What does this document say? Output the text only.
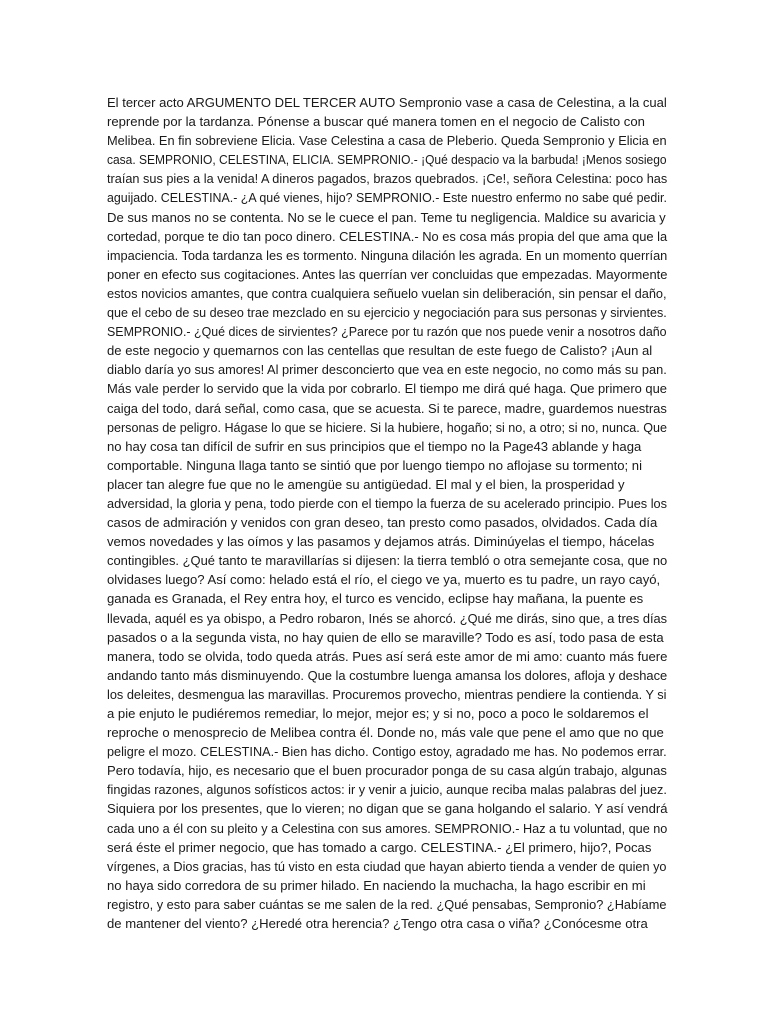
El tercer acto ARGUMENTO DEL TERCER AUTO Sempronio vase a casa de Celestina, a la cual
reprende por la tardanza. Pónense a buscar qué manera tomen en el negocio de Calisto con
Melibea. En fin sobreviene Elicia. Vase Celestina a casa de Pleberio. Queda Sempronio y Elicia en
casa. SEMPRONIO, CELESTINA, ELICIA. SEMPRONIO.- ¡Qué despacio va la barbuda! ¡Menos sosiego
traían sus pies a la venida! A dineros pagados, brazos quebrados. ¡Ce!, señora Celestina: poco has
aguijado. CELESTINA.- ¿A qué vienes, hijo? SEMPRONIO.- Este nuestro enfermo no sabe qué pedir.
De sus manos no se contenta. No se le cuece el pan. Teme tu negligencia. Maldice su avaricia y
cortedad, porque te dio tan poco dinero. CELESTINA.- No es cosa más propia del que ama que la
impaciencia. Toda tardanza les es tormento. Ninguna dilación les agrada. En un momento querrían
poner en efecto sus cogitaciones. Antes las querrían ver concluidas que empezadas. Mayormente
estos novicios amantes, que contra cualquiera señuelo vuelan sin deliberación, sin pensar el daño,
que el cebo de su deseo trae mezclado en su ejercicio y negociación para sus personas y sirvientes.
SEMPRONIO.- ¿Qué dices de sirvientes? ¿Parece por tu razón que nos puede venir a nosotros daño
de este negocio y quemarnos con las centellas que resultan de este fuego de Calisto? ¡Aun al
diablo daría yo sus amores! Al primer desconcierto que vea en este negocio, no como más su pan.
Más vale perder lo servido que la vida por cobrarlo. El tiempo me dirá qué haga. Que primero que
caiga del todo, dará señal, como casa, que se acuesta. Si te parece, madre, guardemos nuestras
personas de peligro. Hágase lo que se hiciere. Si la hubiere, hogaño; si no, a otro; si no, nunca. Que
no hay cosa tan difícil de sufrir en sus principios que el tiempo no la Page43 ablande y haga
comportable. Ninguna llaga tanto se sintió que por luengo tiempo no aflojase su tormento; ni
placer tan alegre fue que no le amengüe su antigüedad. El mal y el bien, la prosperidad y
adversidad, la gloria y pena, todo pierde con el tiempo la fuerza de su acelerado principio. Pues los
casos de admiración y venidos con gran deseo, tan presto como pasados, olvidados. Cada día
vemos novedades y las oímos y las pasamos y dejamos atrás. Diminúyelas el tiempo, hácelas
contingibles. ¿Qué tanto te maravillarías si dijesen: la tierra tembló o otra semejante cosa, que no
olvidases luego? Así como: helado está el río, el ciego ve ya, muerto es tu padre, un rayo cayó,
ganada es Granada, el Rey entra hoy, el turco es vencido, eclipse hay mañana, la puente es
llevada, aquél es ya obispo, a Pedro robaron, Inés se ahorcó. ¿Qué me dirás, sino que, a tres días
pasados o a la segunda vista, no hay quien de ello se maraville? Todo es así, todo pasa de esta
manera, todo se olvida, todo queda atrás. Pues así será este amor de mi amo: cuanto más fuere
andando tanto más disminuyendo. Que la costumbre luenga amansa los dolores, afloja y deshace
los deleites, desmengua las maravillas. Procuremos provecho, mientras pendiere la contienda. Y si
a pie enjuto le pudiéremos remediar, lo mejor, mejor es; y si no, poco a poco le soldaremos el
reproche o menosprecio de Melibea contra él. Donde no, más vale que pene el amo que no que
peligre el mozo. CELESTINA.- Bien has dicho. Contigo estoy, agradado me has. No podemos errar.
Pero todavía, hijo, es necesario que el buen procurador ponga de su casa algún trabajo, algunas
fingidas razones, algunos sofísticos actos: ir y venir a juicio, aunque reciba malas palabras del juez.
Siquiera por los presentes, que lo vieren; no digan que se gana holgando el salario. Y así vendrá
cada uno a él con su pleito y a Celestina con sus amores. SEMPRONIO.- Haz a tu voluntad, que no
será éste el primer negocio, que has tomado a cargo. CELESTINA.- ¿El primero, hijo?, Pocas
vírgenes, a Dios gracias, has tú visto en esta ciudad que hayan abierto tienda a vender de quien yo
no haya sido corredora de su primer hilado. En naciendo la muchacha, la hago escribir en mi
registro, y esto para saber cuántas se me salen de la red. ¿Qué pensabas, Sempronio? ¿Habíame
de mantener del viento? ¿Heredé otra herencia? ¿Tengo otra casa o viña? ¿Conócesme otra
